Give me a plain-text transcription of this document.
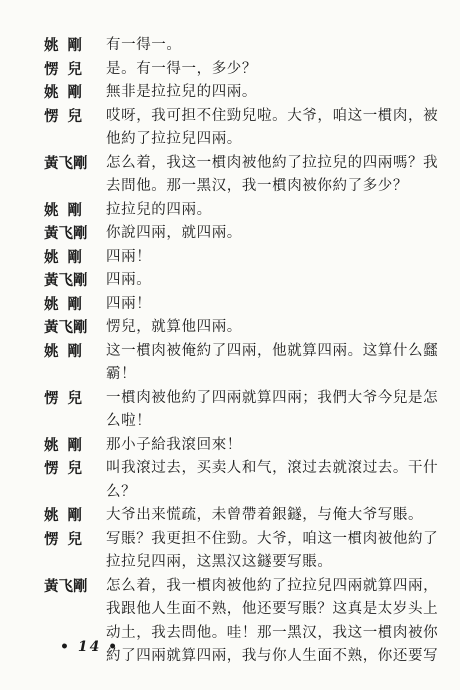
姚 剛	有一得一。
愣 兒	是。有一得一，多少？
姚 剛	無非是拉拉兒的四兩。
愣 兒	哎呀，我可担不住勁兒啦。大爷，咱这一樌肉，被
他約了拉拉兒四兩。
黃飞剛	怎么着，我这一樌肉被他約了拉拉兒的四兩嗎？我
去問他。那一黑汉，我一樌肉被你約了多少？
姚 剛	拉拉兒的四兩。
黃飞剛	你說四兩，就四兩。
姚 剛	四兩！
黃飞剛	四兩。
姚 剛	四兩！
黃飞剛	愣兒，就算他四兩。
姚 剛	这一樌肉被俺約了四兩，他就算四兩。这算什么瓥
霸！
愣 兒	一樌肉被他約了四兩就算四兩；我們大爷今兒是怎
么啦！
姚 剛	那小子給我滾回來！
愣 兒	叫我滾过去，买卖人和气，滾过去就滾过去。干什
么？
姚 剛	大爷出来慌疏，未曾帶着銀鐩，与俺大爷写賬。
愣 兒	写賬？我更担不住勁。大爷，咱这一樌肉被他約了
拉拉兒四兩，这黑汉这鐩要写賬。
黃飞剛	怎么着，我一樌肉被他約了拉拉兒四兩就算四兩，
我跟他人生面不熟，他还要写賬？这真是太岁头上
动土，我去問他。哇！那一黑汉，我这一樌肉被你
約了四兩就算四兩，我与你人生面不熟，你还要写
• 14 •
